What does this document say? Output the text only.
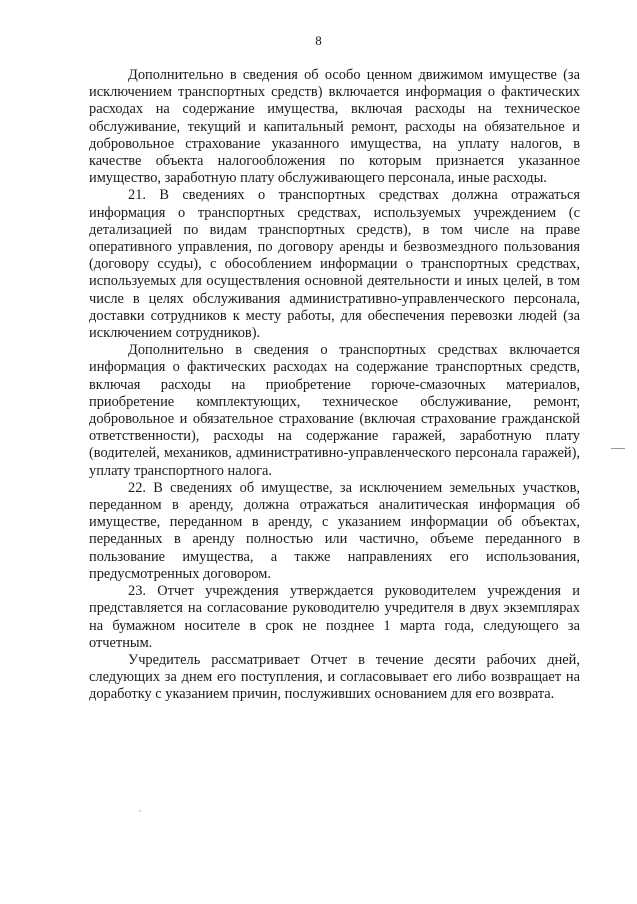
8

Дополнительно в сведения об особо ценном движимом имуществе (за исключением транспортных средств) включается информация о фактических расходах на содержание имущества, включая расходы на техническое обслуживание, текущий и капитальный ремонт, расходы на обязательное и добровольное страхование указанного имущества, на уплату налогов, в качестве объекта налогообложения по которым признается указанное имущество, заработную плату обслуживающего персонала, иные расходы.

21. В сведениях о транспортных средствах должна отражаться информация о транспортных средствах, используемых учреждением (с детализацией по видам транспортных средств), в том числе на праве оперативного управления, по договору аренды и безвозмездного пользования (договору ссуды), с обособлением информации о транспортных средствах, используемых для осуществления основной деятельности и иных целей, в том числе в целях обслуживания административно-управленческого персонала, доставки сотрудников к месту работы, для обеспечения перевозки людей (за исключением сотрудников).

Дополнительно в сведения о транспортных средствах включается информация о фактических расходах на содержание транспортных средств, включая расходы на приобретение горюче-смазочных материалов, приобретение комплектующих, техническое обслуживание, ремонт, добровольное и обязательное страхование (включая страхование гражданской ответственности), расходы на содержание гаражей, заработную плату (водителей, механиков, административно-управленческого персонала гаражей), уплату транспортного налога.

22. В сведениях об имуществе, за исключением земельных участков, переданном в аренду, должна отражаться аналитическая информация об имуществе, переданном в аренду, с указанием информации об объектах, переданных в аренду полностью или частично, объеме переданного в пользование имущества, а также направлениях его использования, предусмотренных договором.

23. Отчет учреждения утверждается руководителем учреждения и представляется на согласование руководителю учредителя в двух экземплярах на бумажном носителе в срок не позднее 1 марта года, следующего за отчетным.

Учредитель рассматривает Отчет в течение десяти рабочих дней, следующих за днем его поступления, и согласовывает его либо возвращает на доработку с указанием причин, послуживших основанием для его возврата.
